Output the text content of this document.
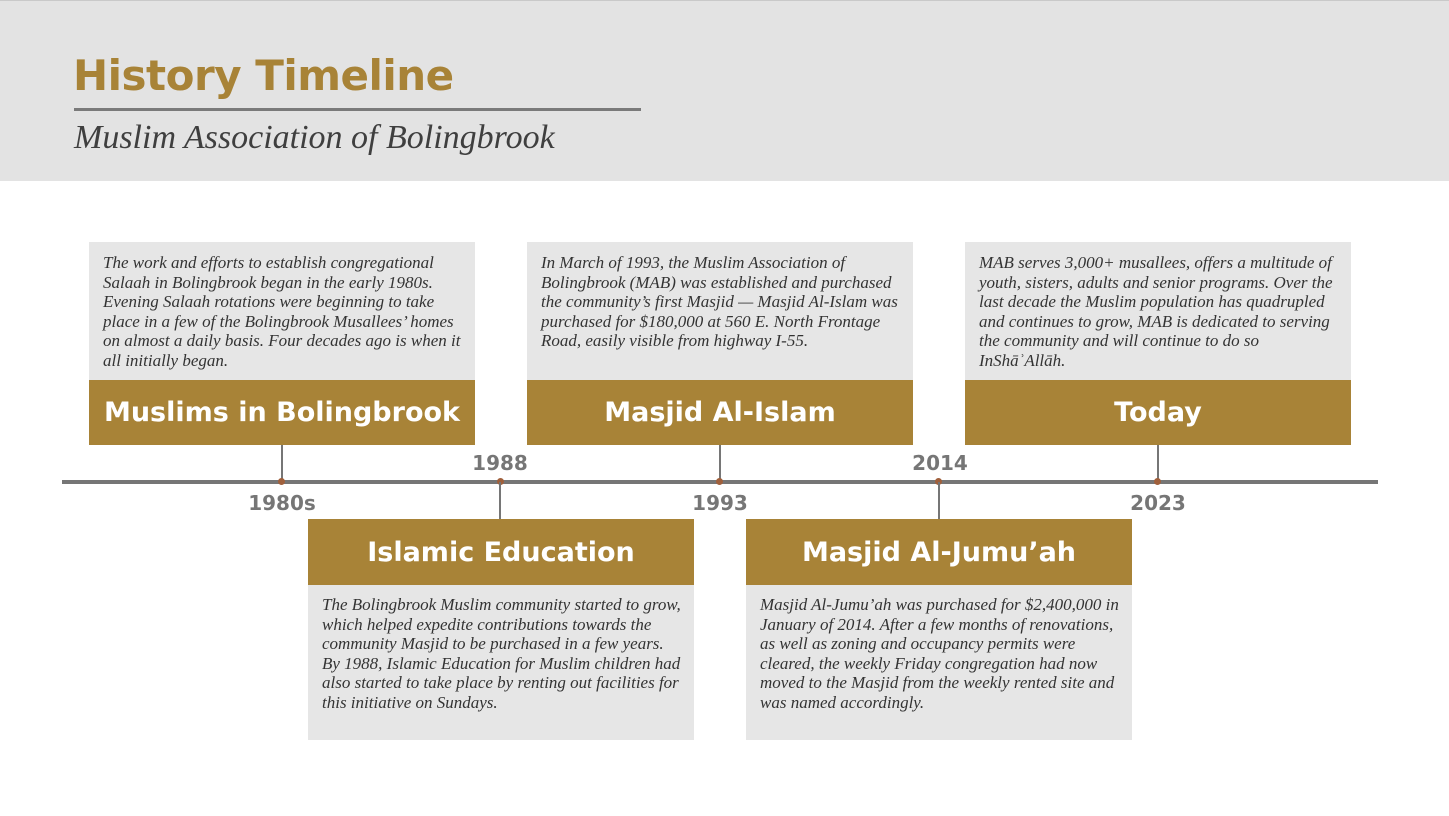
History Timeline
Muslim Association of Bolingbrook
The work and efforts to establish congregational Salaah in Bolingbrook began in the early 1980s. Evening Salaah rotations were beginning to take place in a few of the Bolingbrook Musallees’ homes on almost a daily basis. Four decades ago is when it all initially began.
Muslims in Bolingbrook
1980s
1988
Islamic Education
The Bolingbrook Muslim community started to grow, which helped expedite contributions towards the community Masjid to be purchased in a few years. By 1988, Islamic Education for Muslim children had also started to take place by renting out facilities for this initiative on Sundays.
In March of 1993, the Muslim Association of Bolingbrook (MAB) was established and purchased the community’s first Masjid — Masjid Al-Islam was purchased for $180,000 at 560 E. North Frontage Road, easily visible from highway I-55.
Masjid Al-Islam
1993
2014
Masjid Al-Jumu’ah
Masjid Al-Jumu’ah was purchased for $2,400,000 in January of 2014. After a few months of renovations, as well as zoning and occupancy permits were cleared, the weekly Friday congregation had now moved to the Masjid from the weekly rented site and was named accordingly.
MAB serves 3,000+ musallees, offers a multitude of youth, sisters, adults and senior programs. Over the last decade the Muslim population has quadrupled and continues to grow, MAB is dedicated to serving the community and will continue to do so InShāʾAllāh.
Today
2023
